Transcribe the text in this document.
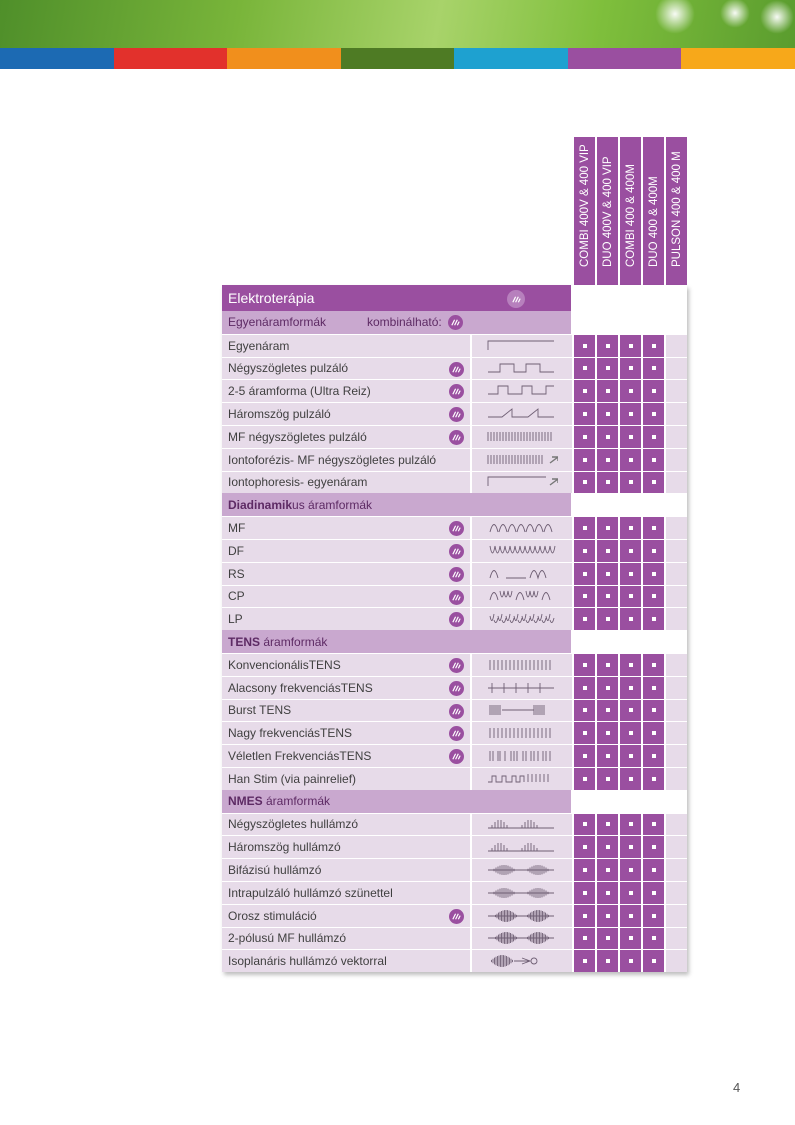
COMBI 400V & 400 VIP DUO 400V & 400 VIP COMBI 400 & 400M DUO 400 & 400M PULSON 400 & 400 M
Elektroterápia
Egyenáramformák	kombinálható:
Egyenáram
Négyszögletes pulzáló
2-5 áramforma (Ultra Reiz)
Háromszög pulzáló
MF négyszögletes pulzáló
Iontoforézis- MF négyszögletes pulzáló
Iontophoresis- egyenáram
Diadinamik us áramformák
MF
DF
RS
CP
LP
TENS áramformák
KonvencionálisTENS
Alacsony frekvenciásTENS
Burst TENS
Nagy frekvenciásTENS
Véletlen FrekvenciásTENS
Han Stim (via painrelief)
NMES áramformák
Négyszögletes hullámzó
Háromszög hullámzó
Bifázisú hullámzó
Intrapulzáló hullámzó szünettel
Orosz stimuláció
2-pólusú MF hullámzó
Isoplanáris hullámzó vektorral
4
